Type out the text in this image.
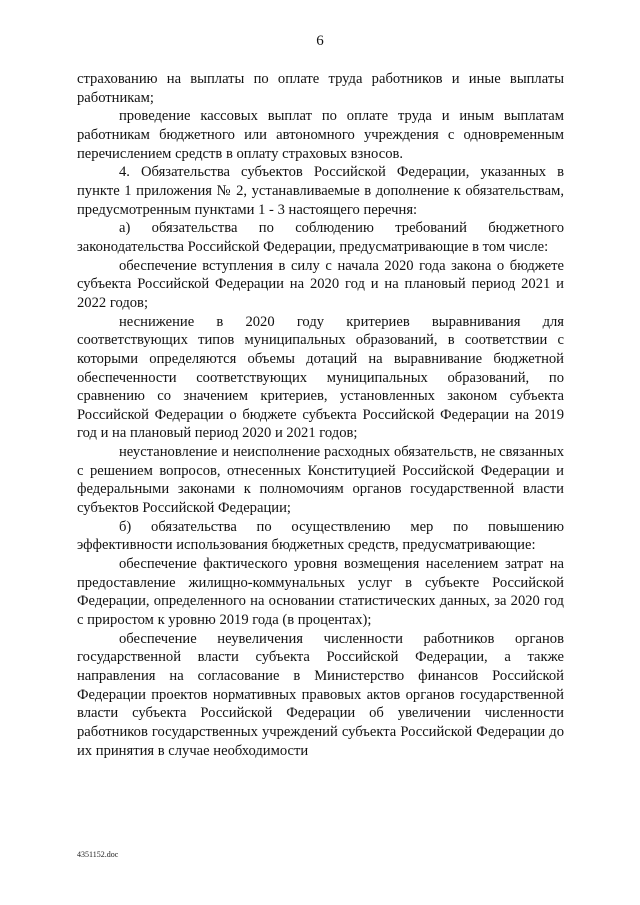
6

страхованию на выплаты по оплате труда работников и иные выплаты работникам;

проведение кассовых выплат по оплате труда и иным выплатам работникам бюджетного или автономного учреждения с одновременным перечислением средств в оплату страховых взносов.

4. Обязательства субъектов Российской Федерации, указанных в пункте 1 приложения № 2, устанавливаемые в дополнение к обязательствам, предусмотренным пунктами 1 - 3 настоящего перечня:

а) обязательства по соблюдению требований бюджетного законодательства Российской Федерации, предусматривающие в том числе:

обеспечение вступления в силу с начала 2020 года закона о бюджете субъекта Российской Федерации на 2020 год и на плановый период 2021 и 2022 годов;

неснижение в 2020 году критериев выравнивания для соответствующих типов муниципальных образований, в соответствии с которыми определяются объемы дотаций на выравнивание бюджетной обеспеченности соответствующих муниципальных образований, по сравнению со значением критериев, установленных законом субъекта Российской Федерации о бюджете субъекта Российской Федерации на 2019 год и на плановый период 2020 и 2021 годов;

неустановление и неисполнение расходных обязательств, не связанных с решением вопросов, отнесенных Конституцией Российской Федерации и федеральными законами к полномочиям органов государственной власти субъектов Российской Федерации;

б) обязательства по осуществлению мер по повышению эффективности использования бюджетных средств, предусматривающие:

обеспечение фактического уровня возмещения населением затрат на предоставление жилищно-коммунальных услуг в субъекте Российской Федерации, определенного на основании статистических данных, за 2020 год с приростом к уровню 2019 года (в процентах);

обеспечение неувеличения численности работников органов государственной власти субъекта Российской Федерации, а также направления на согласование в Министерство финансов Российской Федерации проектов нормативных правовых актов органов государственной власти субъекта Российской Федерации об увеличении численности работников государственных учреждений субъекта Российской Федерации до их принятия в случае необходимости

4351152.doc
